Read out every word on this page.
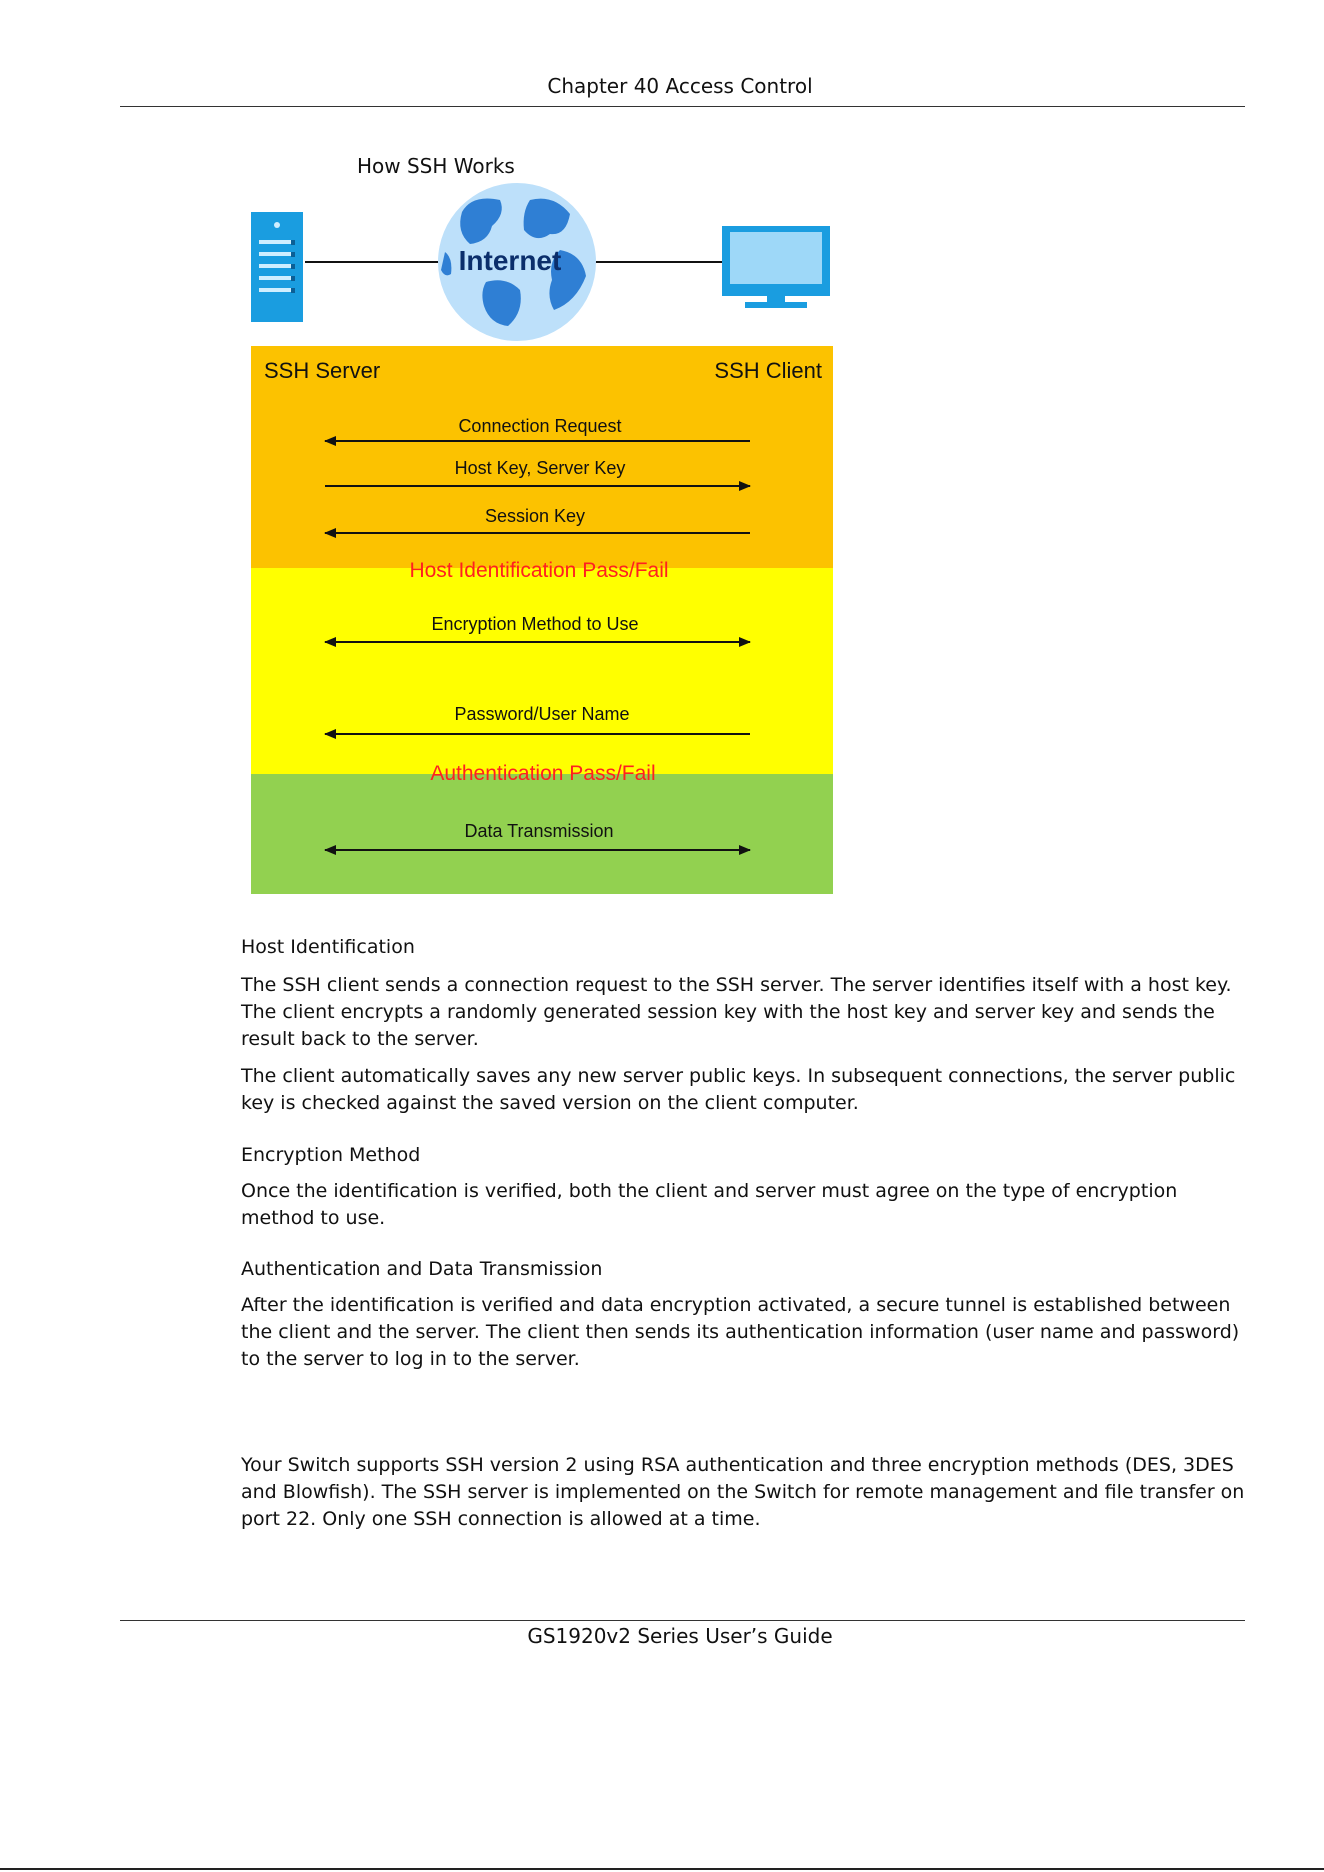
Chapter 40 Access Control
How SSH Works
Internet
SSH Server	SSH Client
Connection Request
Host Key, Server Key
Session Key
Host Identification Pass/Fail
Encryption Method to Use
Password/User Name
Authentication Pass/Fail
Data Transmission
Host Identification
The SSH client sends a connection request to the SSH server. The server identifies itself with a host key. The client encrypts a randomly generated session key with the host key and server key and sends the result back to the server.
The client automatically saves any new server public keys. In subsequent connections, the server public key is checked against the saved version on the client computer.
Encryption Method
Once the identification is verified, both the client and server must agree on the type of encryption method to use.
Authentication and Data Transmission
After the identification is verified and data encryption activated, a secure tunnel is established between the client and the server. The client then sends its authentication information (user name and password) to the server to log in to the server.
Your Switch supports SSH version 2 using RSA authentication and three encryption methods (DES, 3DES and Blowfish). The SSH server is implemented on the Switch for remote management and file transfer on port 22. Only one SSH connection is allowed at a time.
GS1920v2 Series User’s Guide
